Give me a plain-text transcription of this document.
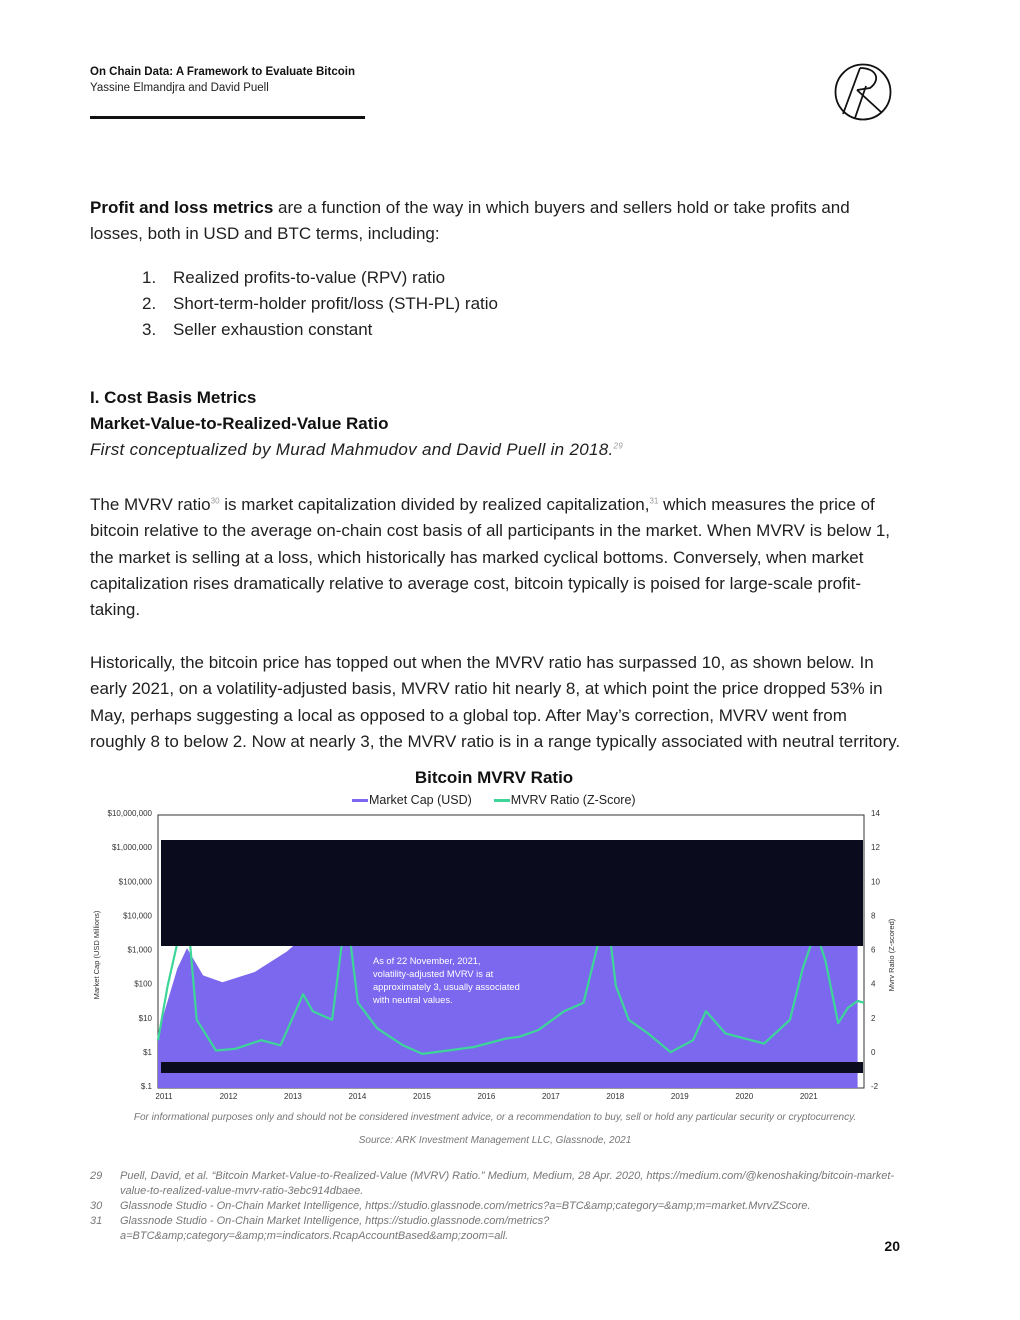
On Chain Data: A Framework to Evaluate Bitcoin
Yassine Elmandjra and David Puell
Profit and loss metrics are a function of the way in which buyers and sellers hold or take profits and losses, both in USD and BTC terms, including:
1. Realized profits-to-value (RPV) ratio
2. Short-term-holder profit/loss (STH-PL) ratio
3. Seller exhaustion constant
I. Cost Basis Metrics
Market-Value-to-Realized-Value Ratio
First conceptualized by Murad Mahmudov and David Puell in 2018.29
The MVRV ratio$^{30}$ is market capitalization divided by realized capitalization,$^{31}$ which measures the price of bitcoin relative to the average on-chain cost basis of all participants in the market. When MVRV is below 1, the market is selling at a loss, which historically has marked cyclical bottoms. Conversely, when market capitalization rises dramatically relative to average cost, bitcoin typically is poised for large-scale profit-taking.
Historically, the bitcoin price has topped out when the MVRV ratio has surpassed 10, as shown below. In early 2021, on a volatility-adjusted basis, MVRV ratio hit nearly 8, at which point the price dropped 53% in May, perhaps suggesting a local as opposed to a global top. After May’s correction, MVRV went from roughly 8 to below 2. Now at nearly 3, the MVRV ratio is in a range typically associated with neutral territory.
Bitcoin MVRV Ratio
Market Cap (USD)	MVRV Ratio (Z-Score)
$10,000,000
$1,000,000
$100,000
$10,000
$1,000
$100
$10
$1
$.1
14
12
10
8
6
4
2
0
-2
2011	2012	2013	2014	2015	2016	2017	2018	2019	2020	2021
Market Cap (USD Millions)	Mvrv Ratio (Z-scored)
As of 22 November, 2021, volatility-adjusted MVRV is at approximately 3, usually associated with neutral values.
For informational purposes only and should not be considered investment advice, or a recommendation to buy, sell or hold any particular security or cryptocurrency.
Source: ARK Investment Management LLC, Glassnode, 2021
29 Puell, David, et al. “Bitcoin Market-Value-to-Realized-Value (MVRV) Ratio.” Medium, Medium, 28 Apr. 2020, https://medium.com/@kenoshaking/bitcoin-market-value-to-realized-value-mvrv-ratio-3ebc914dbaee.
30 Glassnode Studio - On-Chain Market Intelligence, https://studio.glassnode.com/metrics?a=BTC&amp;category=&amp;m=market.MvrvZScore.
31 Glassnode Studio - On-Chain Market Intelligence, https://studio.glassnode.com/metrics?a=BTC&amp;category=&amp;m=indicators.RcapAccountBased&amp;zoom=all.
20
